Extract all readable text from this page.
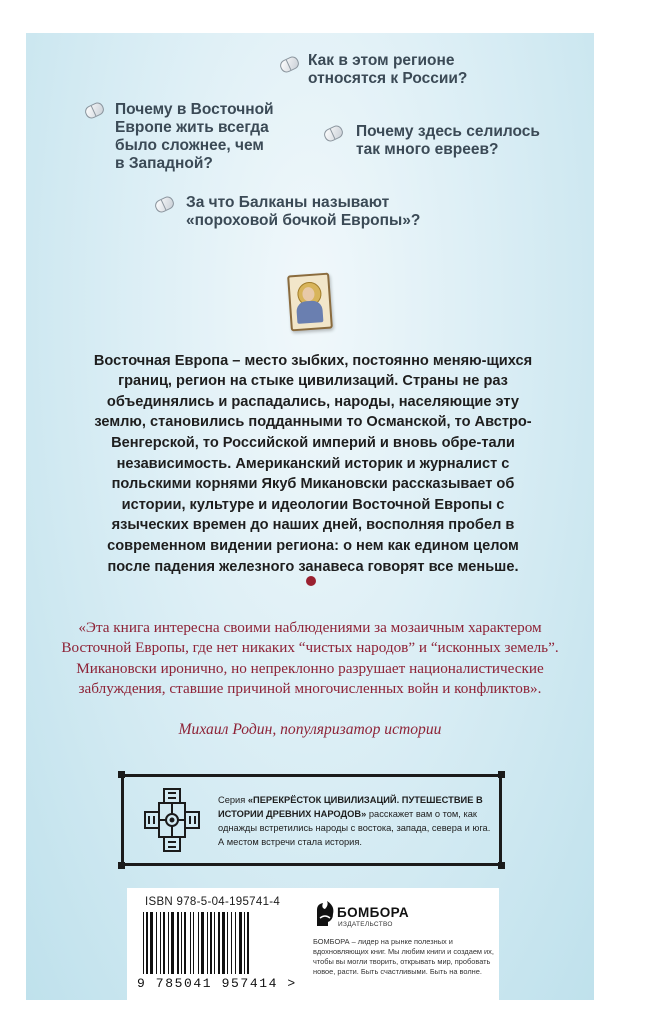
Как в этом регионе
относятся к России?
Почему в Восточной
Европе жить всегда
было сложнее, чем
в Западной?
Почему здесь селилось
так много евреев?
За что Балканы называют
«пороховой бочкой Европы»?

Восточная Европа – место зыбких, постоянно меняю-щихся границ, регион на стыке цивилизаций. Страны не раз объединялись и распадались, народы, населяющие эту землю, становились подданными то Османской, то Австро-Венгерской, то Российской империй и вновь обре-тали независимость. Американский историк и журналист с польскими корнями Якуб Микановски рассказывает об истории, культуре и идеологии Восточной Европы с языческих времен до наших дней, восполняя пробел в современном видении региона: о нем как едином целом после падения железного занавеса говорят все меньше.

«Эта книга интересна своими наблюдениями за мозаичным характером Восточной Европы, где нет никаких “чистых народов” и “исконных земель”. Микановски иронично, но непреклонно разрушает националистические заблуждения, ставшие причиной многочисленных войн и конфликтов».

Михаил Родин, популяризатор истории
Серия «ПЕРЕКРЁСТОК ЦИВИЛИЗАЦИЙ. ПУТЕШЕСТВИЕ В ИСТОРИИ ДРЕВНИХ НАРОДОВ» расскажет вам о том, как однажды встретились народы с востока, запада, севера и юга. А местом встречи стала история.
ISBN 978-5-04-195741-4
9 785041 957414 >
БОМБОРА
ИЗДАТЕЛЬСТВО
БОМБОРА – лидер на рынке полезных и вдохновляющих книг. Мы любим книги и создаем их, чтобы вы могли творить, открывать мир, пробовать новое, расти. Быть счастливыми. Быть на волне.
